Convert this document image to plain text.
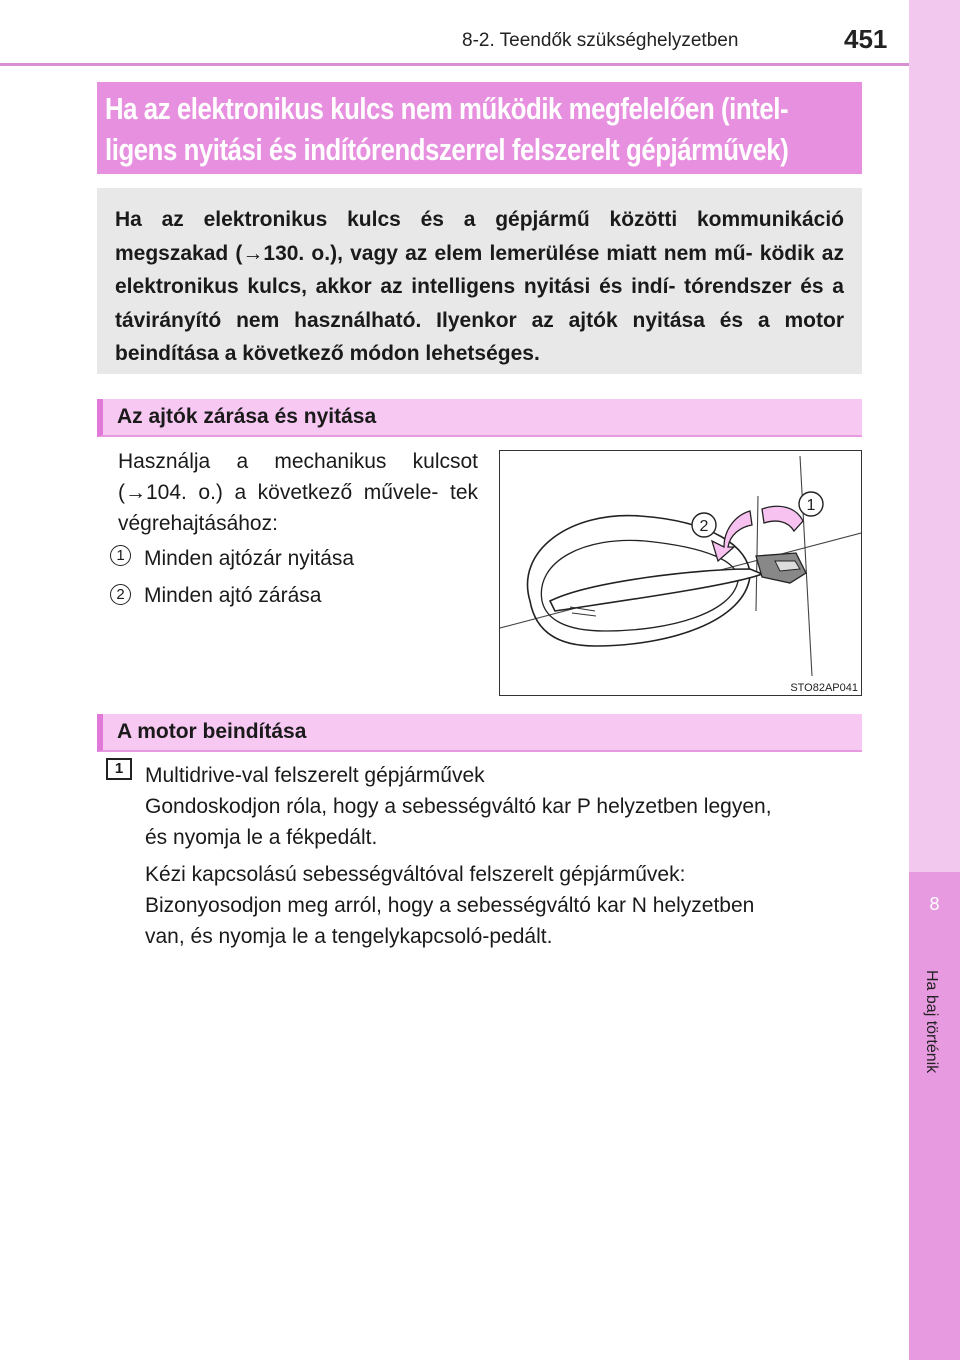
8-2. Teendők szükséghelyzetben	451
8
Ha baj történik
Ha az elektronikus kulcs nem működik megfelelően (intel-
ligens nyitási és indítórendszerrel felszerelt gépjárművek)
Ha az elektronikus kulcs és a gépjármű közötti kommunikáció megszakad (→130. o.), vagy az elem lemerülése miatt nem mű- ködik az elektronikus kulcs, akkor az intelligens nyitási és indí- tórendszer és a távirányító nem használható. Ilyenkor az ajtók nyitása és a motor beindítása a következő módon lehetséges.
Az ajtók zárása és nyitása
Használja a mechanikus kulcsot (→104. o.) a következő művele- tek végrehajtásához:
1 Minden ajtózár nyitása
2 Minden ajtó zárása
1
2
STO82AP041
A motor beindítása
1	Multidrive-val felszerelt gépjárművek
Gondoskodjon róla, hogy a sebességváltó kar P helyzetben legyen,
és nyomja le a fékpedált.
Kézi kapcsolású sebességváltóval felszerelt gépjárművek:
Bizonyosodjon meg arról, hogy a sebességváltó kar N helyzetben
van, és nyomja le a tengelykapcsoló-pedált.
